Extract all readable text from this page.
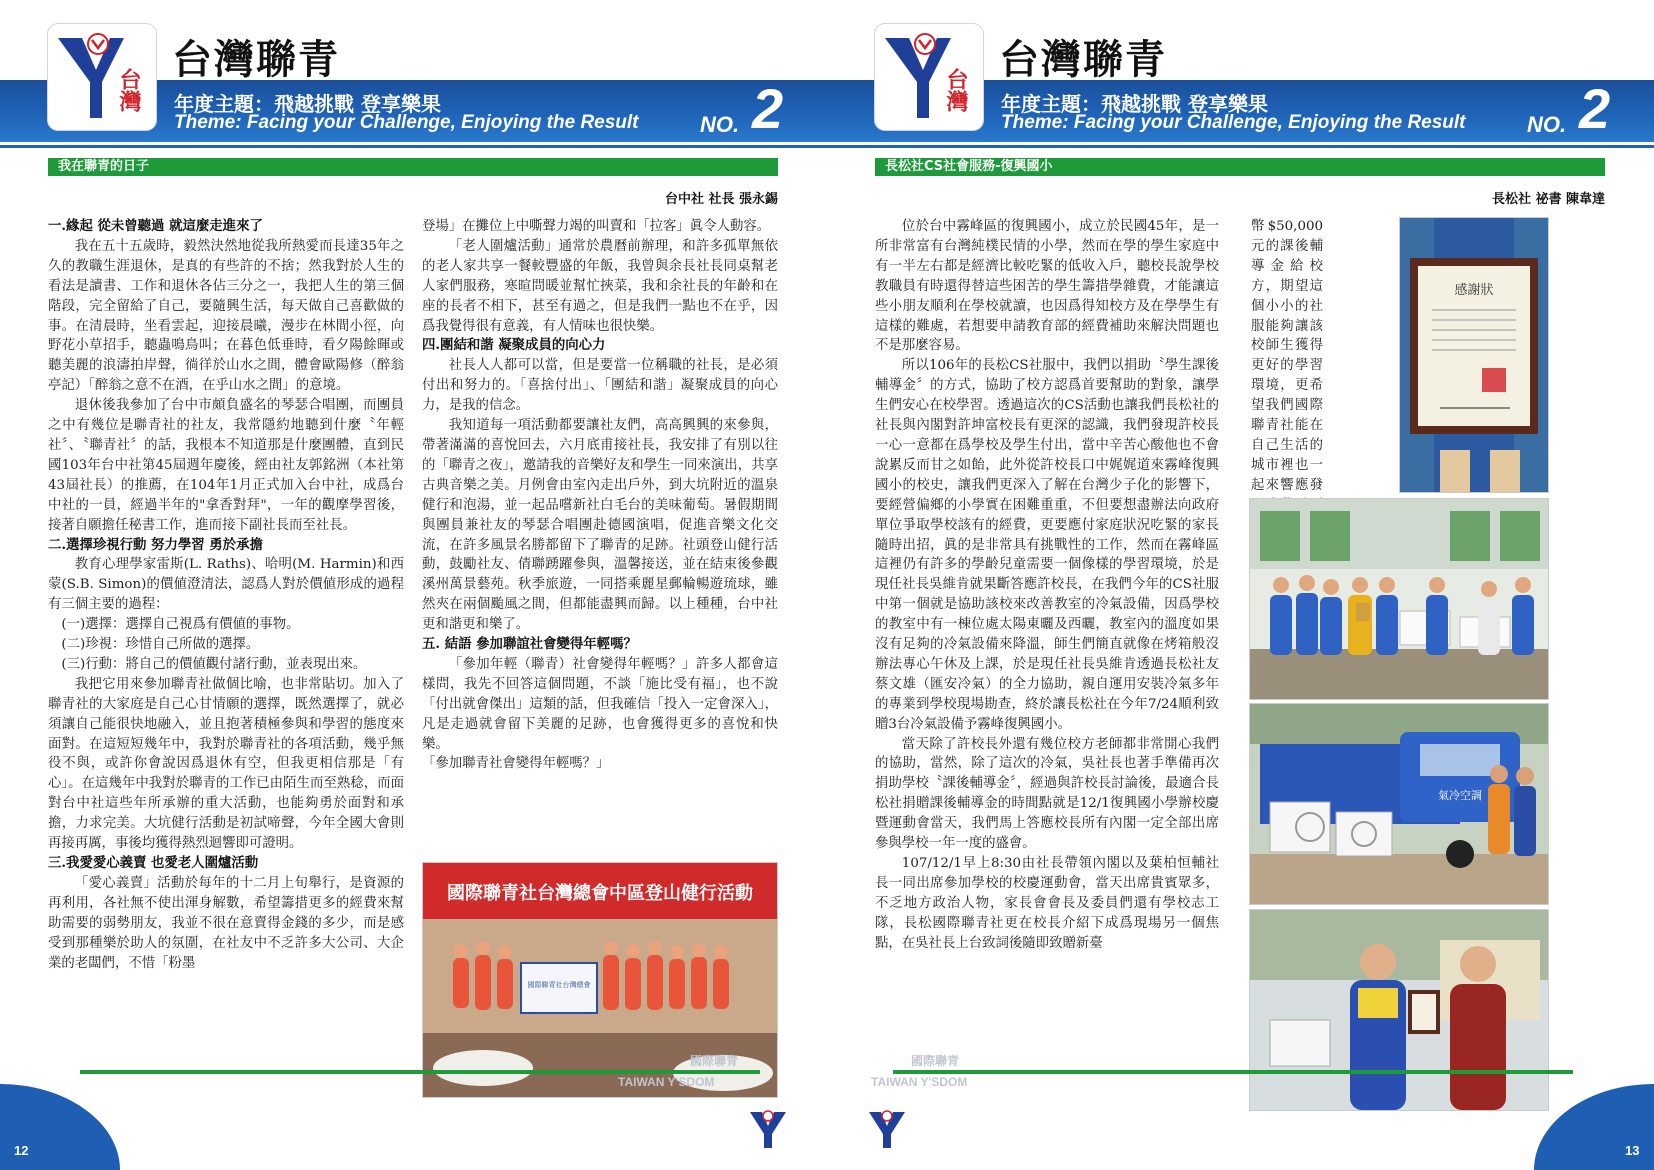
台灣
台灣聯青
年度主題：飛越挑戰 登享樂果
Theme: Facing your Challenge, Enjoying the Result	NO. 2
我在聯青的日子
台中社 社長 張永錫

一.緣起 從未曾聽過 就這麼走進來了

我在五十五歲時，毅然決然地從我所熱愛而長達35年之久的教職生涯退休，是真的有些許的不捨；然我對於人生的看法是讀書、工作和退休各佔三分之一，我把人生的第三個階段，完全留給了自己，要隨興生活，每天做自己喜歡做的事。在清晨時，坐看雲起，迎接晨曦，漫步在林間小徑，向野花小草招手，聽蟲鳴鳥叫；在暮色低垂時，看夕陽餘暉或聽美麗的浪濤拍岸聲，徜徉於山水之間，體會歐陽修（醉翁亭記）「醉翁之意不在酒，在乎山水之間」的意境。

退休後我參加了台中市頗負盛名的琴瑟合唱團，而團員之中有幾位是聯青社的社友，我常隱約地聽到什麼〝年輕社〞、〝聯青社〞的話，我根本不知道那是什麼團體，直到民國103年台中社第45屆週年慶後，經由社友郭銘洲（本社第43屆社長）的推薦，在104年1月正式加入台中社，成爲台中社的一員，經過半年的"拿香對拜"，一年的觀摩學習後，接著自願擔任秘書工作，進而接下副社長而至社長。

二.選擇珍視行動 努力學習 勇於承擔

教育心理學家雷斯(L. Raths)、哈明(M. Harmin)和西蒙(S.B. Simon)的價値澄清法，認爲人對於價値形成的過程有三個主要的過程：

(一)選擇：選擇自己視爲有價値的事物。

(二)珍視：珍惜自己所做的選擇。

(三)行動：將自己的價値觀付諸行動，並表現出來。

我把它用來參加聯青社做個比喻，也非常貼切。加入了聯青社的大家庭是自己心甘情願的選擇，既然選擇了，就必須讓自己能很快地融入，並且抱著積極參與和學習的態度來面對。在這短短幾年中，我對於聯青社的各項活動，幾乎無役不與，或許你會說因爲退休有空，但我更相信那是「有心」。在這幾年中我對於聯青的工作已由陌生而至熟稔，而面對台中社這些年所承辦的重大活動，也能夠勇於面對和承擔，力求完美。大坑健行活動是初試啼聲，今年全國大會則再接再厲，事後均獲得熱烈迴響即可證明。

三.我愛愛心義賣 也愛老人圍爐活動

「愛心義賣」活動於每年的十二月上旬舉行，是資源的再利用，各社無不使出渾身解數，希望籌措更多的經費來幫助需要的弱勢朋友，我並不很在意賣得金錢的多少，而是感受到那種樂於助人的氛圍，在社友中不乏許多大公司、大企業的老闆們，不惜「粉墨

登場」在攤位上中嘶聲力竭的叫賣和「拉客」眞令人動容。

「老人圍爐活動」通常於農曆前辦理，和許多孤單無依的老人家共享一餐較豐盛的年飯，我曾與余長社長同桌幫老人家們服務，寒暄問暖並幫忙挾菜，我和余社長的年齡和在座的長者不相下，甚至有過之，但是我們一點也不在乎，因爲我覺得很有意義，有人情味也很快樂。

四.團結和諧 凝聚成員的向心力

社長人人都可以當，但是要當一位稱職的社長，是必須付出和努力的。「喜捨付出」、「團結和諧」凝聚成員的向心力，是我的信念。

我知道每一項活動都要讓社友們，高高興興的來參與，帶著滿滿的喜悅回去，六月底甫接社長，我安排了有別以往的「聯青之夜」，邀請我的音樂好友和學生一同來演出，共享古典音樂之美。月例會由室內走出戶外，到大坑附近的溫泉健行和泡湯，並一起品嚐新社白毛台的美味葡萄。暑假期間與團員兼社友的琴瑟合唱團赴德國演唱，促進音樂文化交流，在許多風景名勝都留下了聯青的足跡。社頭登山健行活動，鼓勵社友、倩聯踴躍參與，溫馨接送，並在結束後參觀溪州萬景藝苑。秋季旅遊，一同搭乘麗星郵輪暢遊琉球，雖然夾在兩個颱風之間，但都能盡興而歸。以上種種，台中社更和諧更和樂了。

五. 結語 參加聯誼社會變得年輕嗎？

「參加年輕（聯青）社會變得年輕嗎？」許多人都會這樣問，我先不回答這個問題，不談「施比受有福」，也不說「付出就會傑出」這類的話，但我確信「投入一定會深入」，凡是走過就會留下美麗的足跡，也會獲得更多的喜悅和快樂。

「參加聯青社會變得年輕嗎？」

國際聯青社台灣總會
國際聯青社台灣總會中區登山健行活動
國際聯青
TAIWAN Y'SDOM
12
台灣
台灣聯青
年度主題：飛越挑戰 登享樂果
Theme: Facing your Challenge, Enjoying the Result	NO. 2
長松社CS社會服務-復興國小
長松社 祕書 陳韋達

位於台中霧峰區的復興國小，成立於民國45年，是一所非常富有台灣純樸民情的小學，然而在學的學生家庭中有一半左右都是經濟比較吃緊的低收入戶，聽校長說學校教職員有時還得替這些困苦的學生籌措學雜費，才能讓這些小朋友順利在學校就讀，也因爲得知校方及在學學生有這樣的難處，若想要申請教育部的經費補助來解決問題也不是那麼容易。

所以106年的長松CS社服中，我們以捐助〝學生課後輔導金〞的方式，協助了校方認爲首要幫助的對象，讓學生們安心在校學習。透過這次的CS活動也讓我們長松社的社長與內閣對許坤富校長有更深的認識，我們發現許校長一心一意都在爲學校及學生付出，當中辛苦心酸他也不會說累反而甘之如飴，此外從許校長口中娓娓道來霧峰復興國小的校史，讓我們更深入了解在台灣少子化的影響下，要經營偏鄉的小學實在困難重重，不但要想盡辦法向政府單位爭取學校該有的經費，更要應付家庭狀況吃緊的家長隨時出招，眞的是非常具有挑戰性的工作，然而在霧峰區這裡仍有許多的學齡兒童需要一個像樣的學習環境，於是現任社長吳維肯就果斷答應許校長，在我們今年的CS社服中第一個就是協助該校來改善教室的冷氣設備，因爲學校的教室中有一棟位處太陽東曬及西曬，教室內的溫度如果沒有足夠的冷氣設備來降溫，師生們簡直就像在烤箱般沒辦法專心午休及上課，於是現任社長吳維肯透過長松社友蔡文雄（匯安冷氣）的全力協助，親自運用安裝冷氣多年的專業到學校現場勘查，終於讓長松社在今年7/24順利致贈3台冷氣設備予霧峰復興國小。

當天除了許校長外還有幾位校方老師都非常開心我們的協助，當然，除了這次的冷氣，吳社長也著手準備再次捐助學校〝課後輔導金〞，經過與許校長討論後，最適合長松社捐贈課後輔導金的時間點就是12/1復興國小學辦校慶暨運動會當天，我們馬上答應校長所有內閣一定全部出席參與學校一年一度的盛會。

107/12/1早上8:30由社長帶領內閣以及葉柏恒輔社長一同出席參加學校的校慶運動會，當天出席貴賓眾多，不乏地方政治人物，家長會會長及委員們還有學校志工隊，長松國際聯青社更在校長介紹下成爲現場另一個焦點，在吳社長上台致詞後隨即致贈新臺

幣$50,000元的課後輔導金給校方，期望這個小小的社服能夠讓該校師生獲得更好的學習環境，更希望我們國際聯青社能在自己生活的城市裡也一起來響應發

感謝狀
氣冷空調
國際聯青
TAIWAN Y'SDOM
13
